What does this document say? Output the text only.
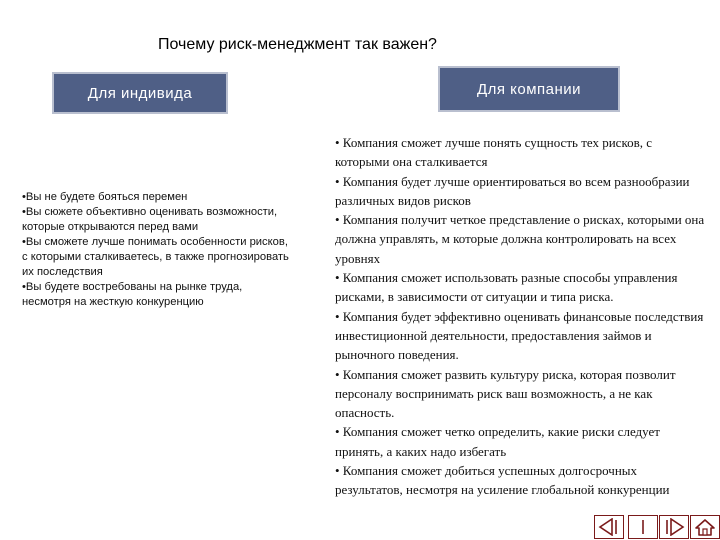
Почему риск-менеджмент так важен?
Для индивида	Для компании
•Вы не будете бояться перемен
•Вы сюжете объективно оценивать возможности, которые открываются перед вами
•Вы сможете лучше понимать особенности рисков, с которыми сталкиваетесь, в также прогнозировать их последствия
•Вы будете востребованы на рынке труда, несмотря на жесткую конкуренцию
• Компания сможет лучше понять сущность тех рисков, с которыми она сталкивается
• Компания будет лучше ориентироваться во всем разнообразии различных видов рисков
• Компания получит четкое представление о рисках, которыми она должна управлять, м которые должна контролировать на всех уровнях
• Компания сможет использовать разные способы управления рисками, в зависимости от ситуации и типа риска.
• Компания будет эффективно оценивать финансовые последствия инвестиционной деятельности, предоставления займов и рыночного поведения.
• Компания сможет развить культуру риска, которая позволит персоналу воспринимать риск ваш возможность, а не как опасность.
• Компания сможет четко определить, какие риски следует принять, а каких надо избегать
• Компания сможет добиться успешных долгосрочных результатов, несмотря на усиление глобальной конкуренции
